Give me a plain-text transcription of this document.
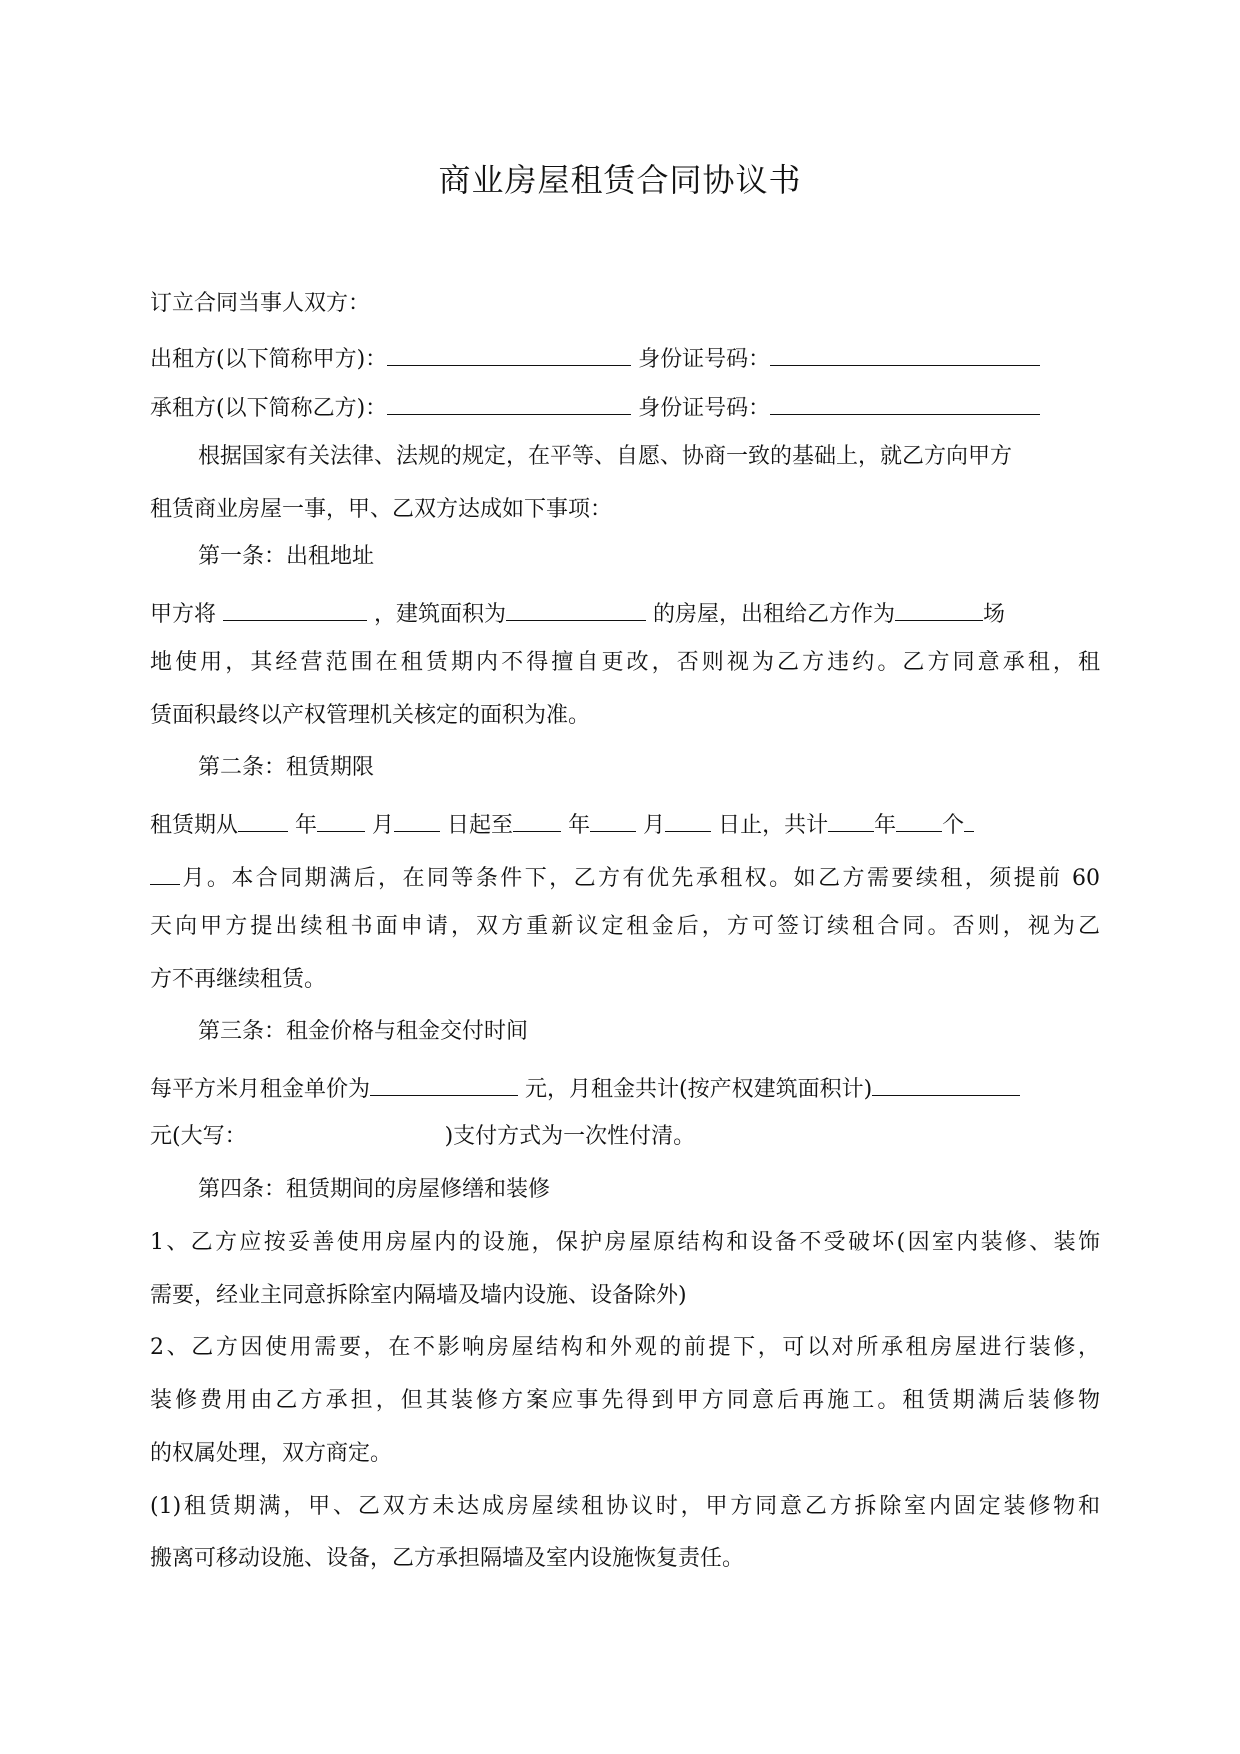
商业房屋租赁合同协议书
订立合同当事人双方：
出租方(以下简称甲方)：	身份证号码：
承租方(以下简称乙方)：	身份证号码：
根据国家有关法律、法规的规定，在平等、自愿、协商一致的基础上，就乙方向甲方
租赁商业房屋一事，甲、乙双方达成如下事项：
第一条：出租地址
甲方将	，建筑面积为	的房屋，出租给乙方作为	场
地使用，其经营范围在租赁期内不得擅自更改，否则视为乙方违约。乙方同意承租，租
赁面积最终以产权管理机关核定的面积为准。
第二条：租赁期限
租赁期从	年	月 日起至	年 月 日止，共计 年 个
月。本合同期满后，在同等条件下，乙方有优先承租权。如乙方需要续租，须提前 60
天向甲方提出续租书面申请，双方重新议定租金后，方可签订续租合同。否则，视为乙
方不再继续租赁。
第三条：租金价格与租金交付时间
每平方米月租金单价为	元，月租金共计(按产权建筑面积计)
元(大写：	)支付方式为一次性付清。
第四条：租赁期间的房屋修缮和装修
1、乙方应按妥善使用房屋内的设施，保护房屋原结构和设备不受破坏(因室内装修、装饰
需要，经业主同意拆除室内隔墙及墙内设施、设备除外)
2、乙方因使用需要，在不影响房屋结构和外观的前提下，可以对所承租房屋进行装修，
装修费用由乙方承担，但其装修方案应事先得到甲方同意后再施工。租赁期满后装修物
的权属处理，双方商定。
(1)租赁期满，甲、乙双方未达成房屋续租协议时，甲方同意乙方拆除室内固定装修物和
搬离可移动设施、设备，乙方承担隔墙及室内设施恢复责任。
